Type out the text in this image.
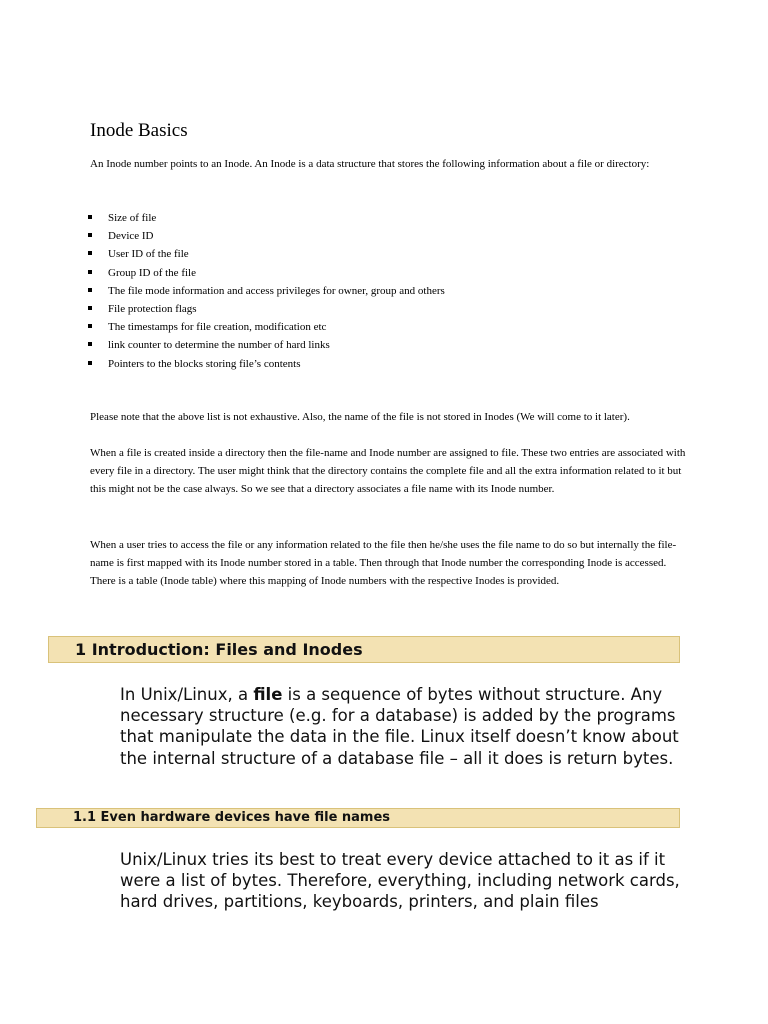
Inode Basics

An Inode number points to an Inode. An Inode is a data structure that stores the following information about a file or directory:

Size of file
Device ID
User ID of the file
Group ID of the file
The file mode information and access privileges for owner, group and others
File protection flags
The timestamps for file creation, modification etc
link counter to determine the number of hard links
Pointers to the blocks storing file’s contents

Please note that the above list is not exhaustive. Also, the name of the file is not stored in Inodes (We will come to it later).

When a file is created inside a directory then the file-name and Inode number are assigned to file. These two entries are associated with every file in a directory. The user might think that the directory contains the complete file and all the extra information related to it but this might not be the case always. So we see that a directory associates a file name with its Inode number.

When a user tries to access the file or any information related to the file then he/she uses the file name to do so but internally the file-name is first mapped with its Inode number stored in a table. Then through that Inode number the corresponding Inode is accessed. There is a table (Inode table) where this mapping of Inode numbers with the respective Inodes is provided.

1 Introduction: Files and Inodes

In Unix/Linux, a file is a sequence of bytes without structure. Any necessary structure (e.g. for a database) is added by the programs that manipulate the data in the file. Linux itself doesn’t know about the internal structure of a database file – all it does is return bytes.

1.1 Even hardware devices have file names

Unix/Linux tries its best to treat every device attached to it as if it were a list of bytes. Therefore, everything, including network cards, hard drives, partitions, keyboards, printers, and plain files
